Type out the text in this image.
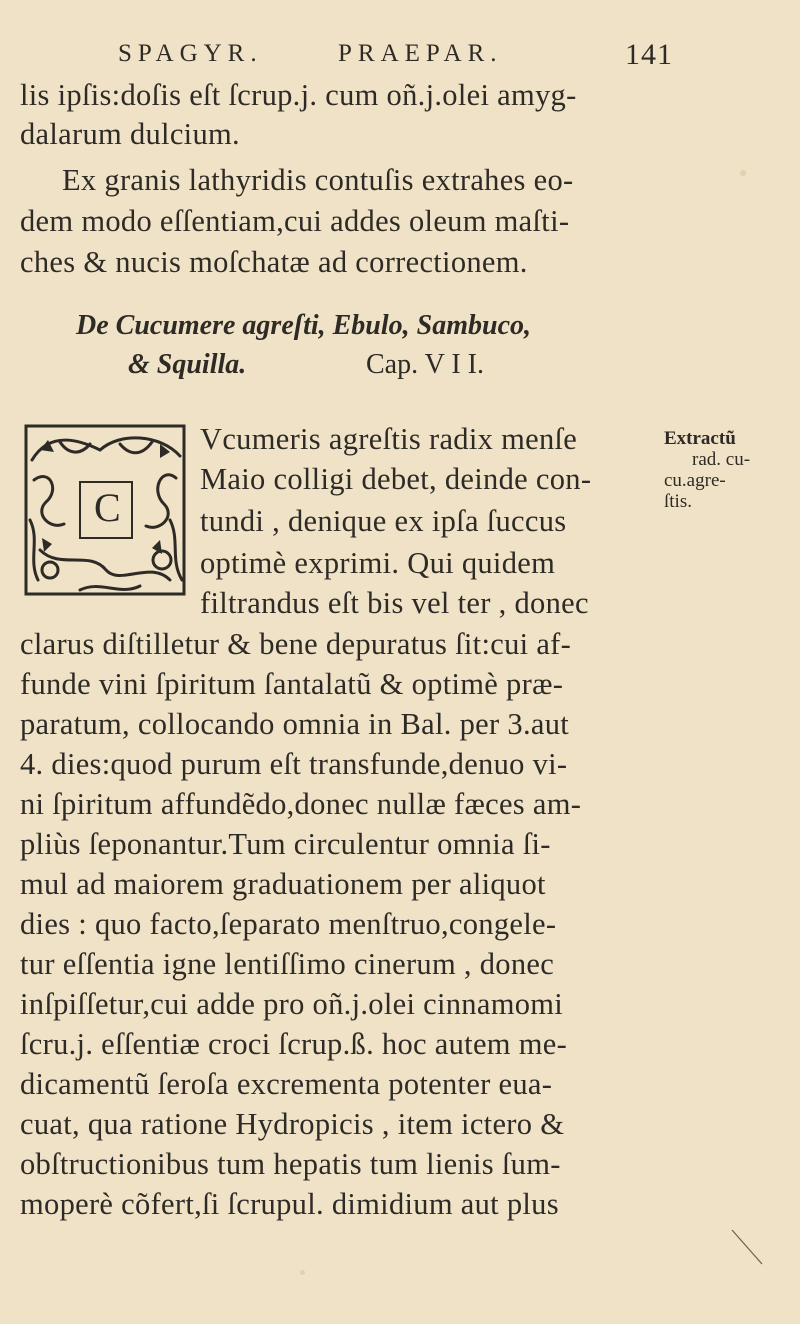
SPAGYR.	PRAEPAR.	141
lis ipſis:doſis eſt ſcrup.j. cum oñ.j.olei amyg-
dalarum dulcium.
Ex granis lathyridis contuſis extrahes eo-
dem modo eſſentiam,cui addes oleum maſti-
ches & nucis moſchatæ ad correctionem.
De Cucumere agreſti, Ebulo, Sambuco,
& Squilla.	Cap. V I I.
C
Vcumeris agreſtis radix menſe
Maio colligi debet, deinde con-
tundi , denique ex ipſa ſuccus
optimè exprimi. Qui quidem
filtrandus eſt bis vel ter , donec
Extractũ
rad. cu-
cu.agre-
ſtis.
clarus diſtilletur & bene depuratus ſit:cui af-
funde vini ſpiritum ſantalatũ & optimè præ-
paratum, collocando omnia in Bal. per 3.aut
4. dies:quod purum eſt transfunde,denuo vi-
ni ſpiritum affundẽdo,donec nullæ fæces am-
pliùs ſeponantur.Tum circulentur omnia ſi-
mul ad maiorem graduationem per aliquot
dies : quo facto,ſeparato menſtruo,congele-
tur eſſentia igne lentiſſimo cinerum , donec
inſpiſſetur,cui adde pro oñ.j.olei cinnamomi
ſcru.j. eſſentiæ croci ſcrup.ß. hoc autem me-
dicamentũ ſeroſa excrementa potenter eua-
cuat, qua ratione Hydropicis , item ictero &
obſtructionibus tum hepatis tum lienis ſum-
moperè cõfert,ſi ſcrupul. dimidium aut plus
